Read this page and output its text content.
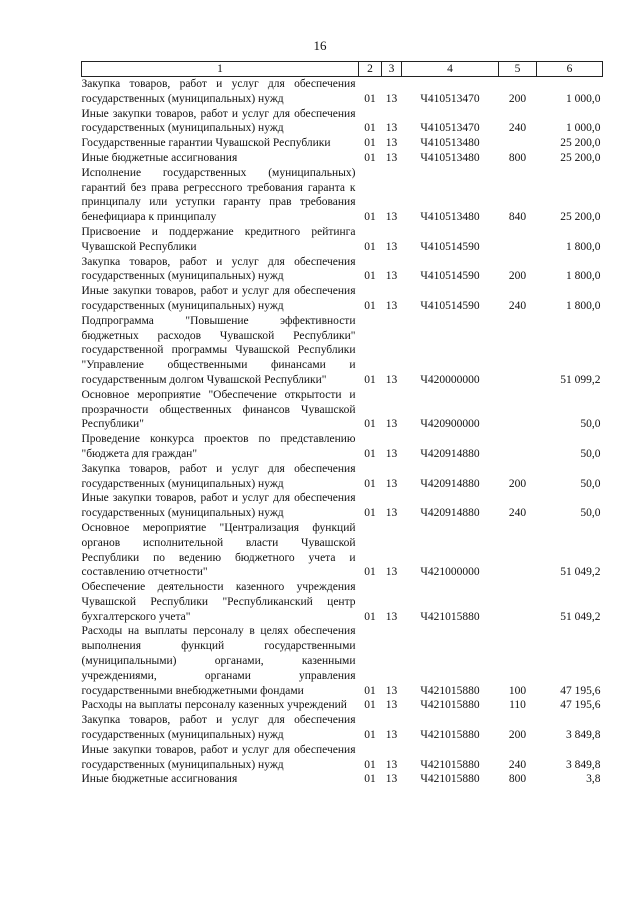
16
1	2	3	4	5	6
Закупка товаров, работ и услуг для обеспечения государственных (муниципальных) нужд	01	13	Ч410513470	200	1 000,0
Иные закупки товаров, работ и услуг для обеспечения государственных (муниципальных) нужд	01	13	Ч410513470	240	1 000,0
Государственные гарантии Чувашской Республики	01	13	Ч410513480		25 200,0
Иные бюджетные ассигнования	01	13	Ч410513480	800	25 200,0
Исполнение государственных (муниципальных) гарантий без права регрессного требования гаранта к принципалу или уступки гаранту прав требования бенефициара к принципалу	01	13	Ч410513480	840	25 200,0
Присвоение и поддержание кредитного рейтинга Чувашской Республики	01	13	Ч410514590		1 800,0
Закупка товаров, работ и услуг для обеспечения государственных (муниципальных) нужд	01	13	Ч410514590	200	1 800,0
Иные закупки товаров, работ и услуг для обеспечения государственных (муниципальных) нужд	01	13	Ч410514590	240	1 800,0
Подпрограмма "Повышение эффективности бюджетных расходов Чувашской Республики" государственной программы Чувашской Республики "Управление общественными финансами и государственным долгом Чувашской Республики"	01	13	Ч420000000		51 099,2
Основное мероприятие "Обеспечение открытости и прозрачности общественных финансов Чувашской Республики"	01	13	Ч420900000		50,0
Проведение конкурса проектов по представлению "бюджета для граждан"	01	13	Ч420914880		50,0
Закупка товаров, работ и услуг для обеспечения государственных (муниципальных) нужд	01	13	Ч420914880	200	50,0
Иные закупки товаров, работ и услуг для обеспечения государственных (муниципальных) нужд	01	13	Ч420914880	240	50,0
Основное мероприятие "Централизация функций органов исполнительной власти Чувашской Республики по ведению бюджетного учета и составлению отчетности"	01	13	Ч421000000		51 049,2
Обеспечение деятельности казенного учреждения Чувашской Республики "Республиканский центр бухгалтерского учета"	01	13	Ч421015880		51 049,2
Расходы на выплаты персоналу в целях обеспечения выполнения функций государственными (муниципальными) органами, казенными учреждениями, органами управления государственными внебюджетными фондами	01	13	Ч421015880	100	47 195,6
Расходы на выплаты персоналу казенных учреждений	01	13	Ч421015880	110	47 195,6
Закупка товаров, работ и услуг для обеспечения государственных (муниципальных) нужд	01	13	Ч421015880	200	3 849,8
Иные закупки товаров, работ и услуг для обеспечения государственных (муниципальных) нужд	01	13	Ч421015880	240	3 849,8
Иные бюджетные ассигнования	01	13	Ч421015880	800	3,8
